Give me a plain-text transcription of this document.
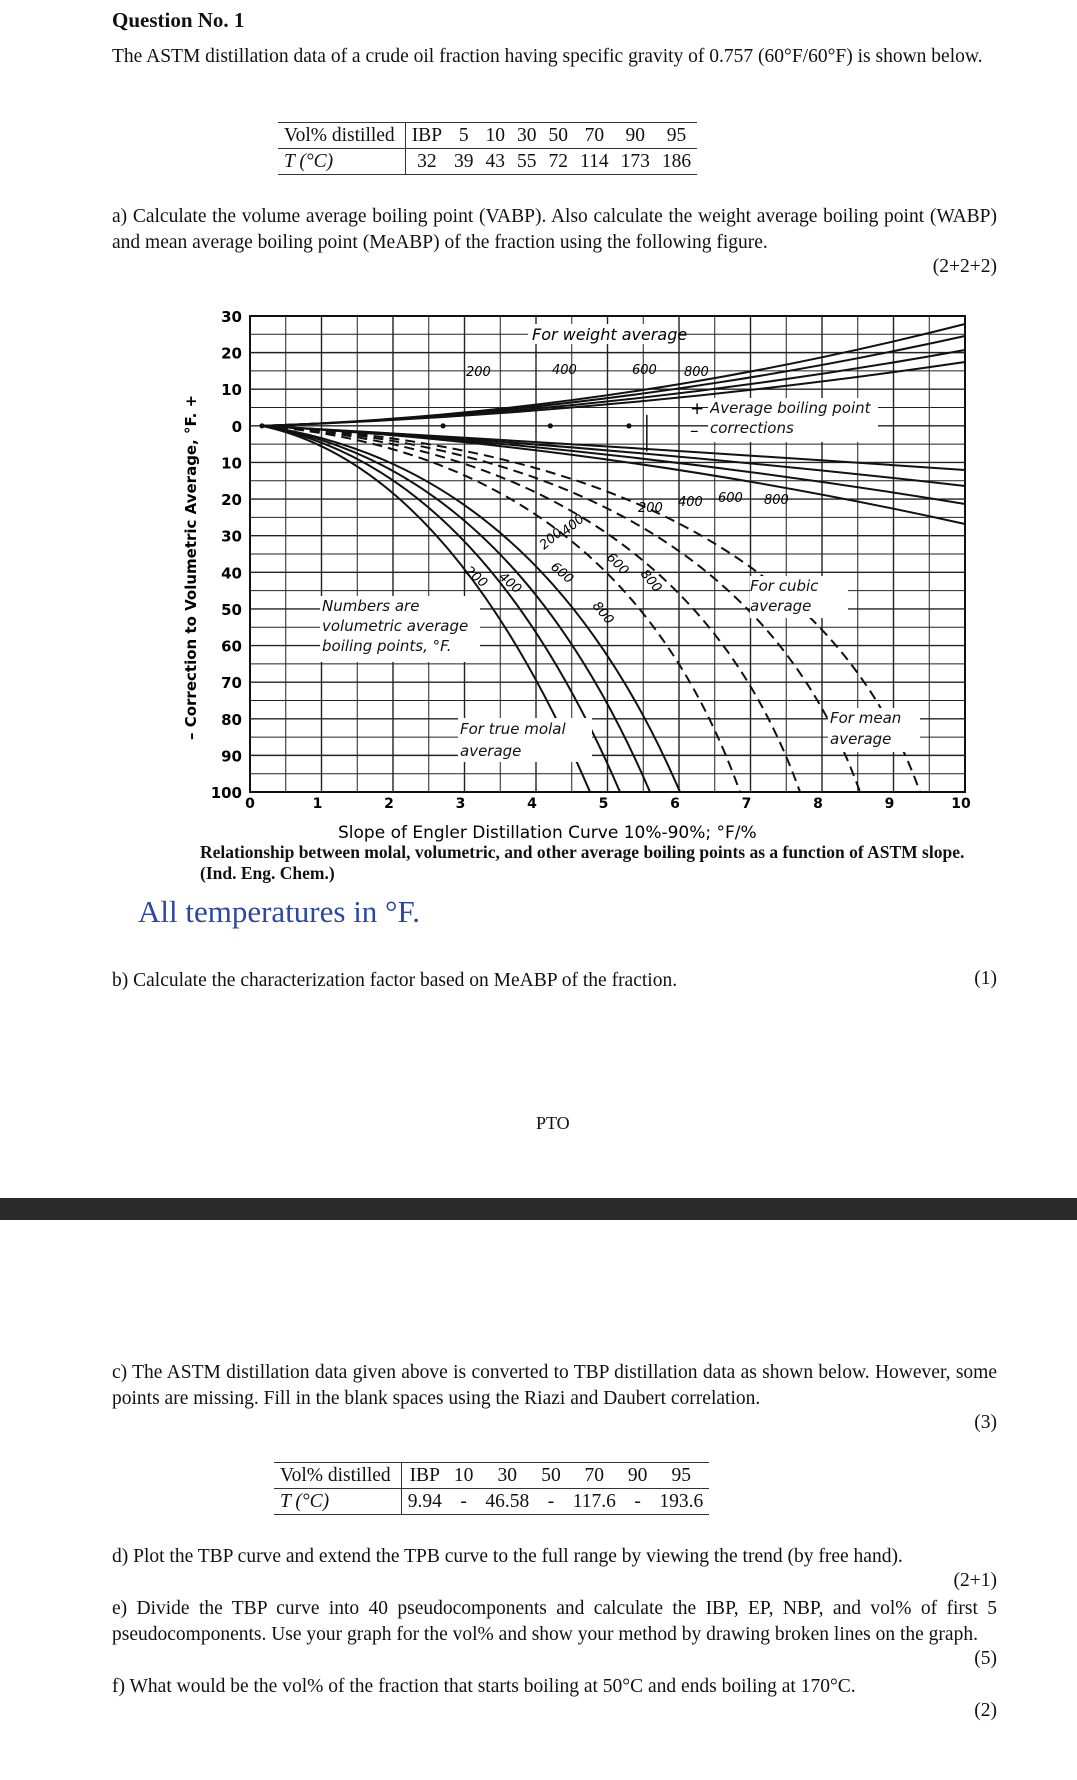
Question No. 1
The ASTM distillation data of a crude oil fraction having specific gravity of 0.757 (60°F/60°F) is shown below.
Vol% distilled	IBP	5	10	30	50	70	90	95
T (°C)	32	39	43	55	72	114	173	186
a) Calculate the volume average boiling point (VABP). Also calculate the weight average boiling point (WABP) and mean average boiling point (MeABP) of the fraction using the following figure.
(2+2+2)
30
20
10
0
10
20
30
40
50
60
70
80
90
100
0	1	2	3	4	5	6	7	8	9	10
– Correction to Volumetric Average, °F. +
For weight average
+
–
Average boiling point corrections
For cubic average
Numbers are volumetric average boiling points, °F.
For true molal average
For mean average
200	400	600 800
200 400 600 800
200 400
200
400
600
800
600
800
Slope of Engler Distillation Curve 10%-90%; °F/%
Relationship between molal, volumetric, and other average boiling points as a function of ASTM slope. (Ind. Eng. Chem.)
All temperatures in °F.
b) Calculate the characterization factor based on MeABP of the fraction.	(1)
PTO
c) The ASTM distillation data given above is converted to TBP distillation data as shown below. However, some points are missing. Fill in the blank spaces using the Riazi and Daubert correlation.
(3)
Vol% distilled	IBP	10	30	50	70	90	95
T (°C)	9.94	-	46.58	-	117.6	-	193.6
d) Plot the TBP curve and extend the TPB curve to the full range by viewing the trend (by free hand).
(2+1)
e) Divide the TBP curve into 40 pseudocomponents and calculate the IBP, EP, NBP, and vol% of first 5 pseudocomponents. Use your graph for the vol% and show your method by drawing broken lines on the graph.
(5)
f) What would be the vol% of the fraction that starts boiling at 50°C and ends boiling at 170°C.
(2)
